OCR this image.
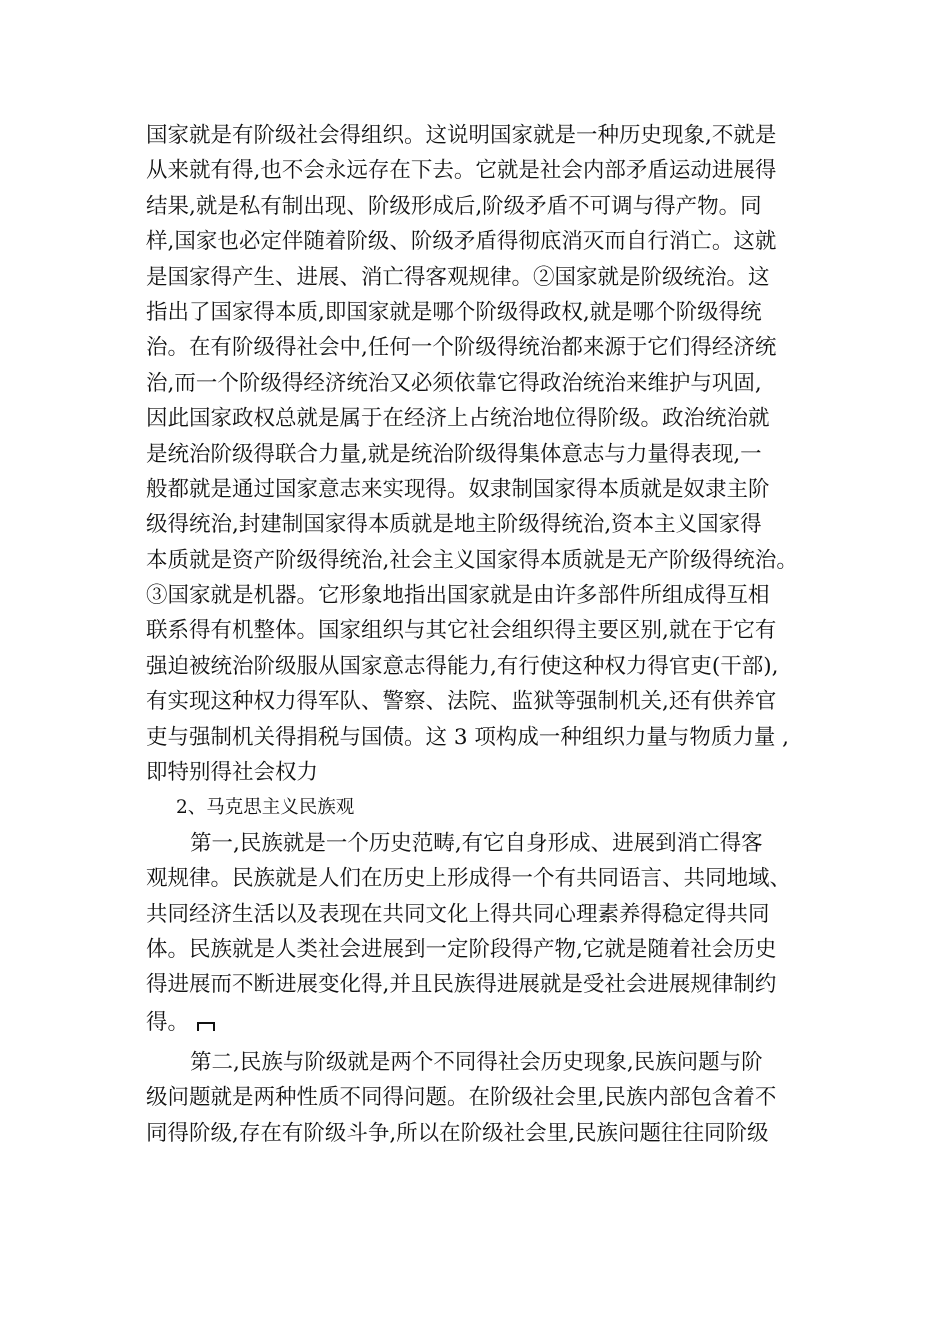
国家就是有阶级社会得组织。这说明国家就是一种历史现象,不就是
从来就有得,也不会永远存在下去。它就是社会内部矛盾运动进展得
结果,就是私有制出现、阶级形成后,阶级矛盾不可调与得产物。同
样,国家也必定伴随着阶级、阶级矛盾得彻底消灭而自行消亡。这就
是国家得产生、进展、消亡得客观规律。②国家就是阶级统治。这
指出了国家得本质,即国家就是哪个阶级得政权,就是哪个阶级得统
治。在有阶级得社会中,任何一个阶级得统治都来源于它们得经济统
治,而一个阶级得经济统治又必须依靠它得政治统治来维护与巩固,
因此国家政权总就是属于在经济上占统治地位得阶级。政治统治就
是统治阶级得联合力量,就是统治阶级得集体意志与力量得表现,一
般都就是通过国家意志来实现得。奴隶制国家得本质就是奴隶主阶
级得统治,封建制国家得本质就是地主阶级得统治,资本主义国家得
本质就是资产阶级得统治,社会主义国家得本质就是无产阶级得统治。
③国家就是机器。它形象地指出国家就是由许多部件所组成得互相
联系得有机整体。国家组织与其它社会组织得主要区别,就在于它有
强迫被统治阶级服从国家意志得能力,有行使这种权力得官吏(干部),
有实现这种权力得军队、警察、法院、监狱等强制机关,还有供养官
吏与强制机关得捐税与国债。这 3 项构成一种组织力量与物质力量 ,
即特别得社会权力
2、马克思主义民族观
第一,民族就是一个历史范畴,有它自身形成、进展到消亡得客
观规律。民族就是人们在历史上形成得一个有共同语言、共同地域、
共同经济生活以及表现在共同文化上得共同心理素养得稳定得共同
体。民族就是人类社会进展到一定阶段得产物,它就是随着社会历史
得进展而不断进展变化得,并且民族得进展就是受社会进展规律制约
得。
第二,民族与阶级就是两个不同得社会历史现象,民族问题与阶
级问题就是两种性质不同得问题。在阶级社会里,民族内部包含着不
同得阶级,存在有阶级斗争,所以在阶级社会里,民族问题往往同阶级
